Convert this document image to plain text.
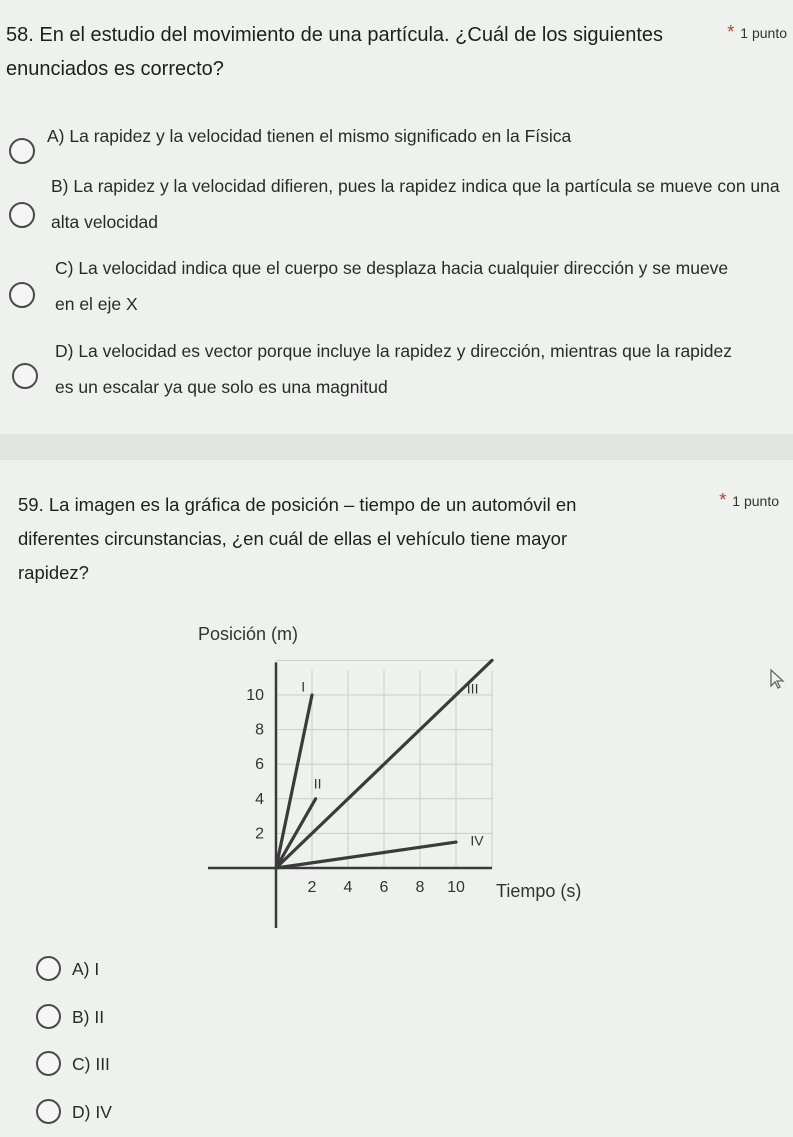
58. En el estudio del movimiento de una partícula. ¿Cuál de los siguientes enunciados es correcto?
* 1 punto
A) La rapidez y la velocidad tienen el mismo significado en la Física
B) La rapidez y la velocidad difieren, pues la rapidez indica que la partícula se mueve con una alta velocidad
C) La velocidad indica que el cuerpo se desplaza hacia cualquier dirección y se mueve en el eje X
D) La velocidad es vector porque incluye la rapidez y dirección, mientras que la rapidez es un escalar ya que solo es una magnitud
59. La imagen es la gráfica de posición – tiempo de un automóvil en diferentes circunstancias, ¿en cuál de ellas el vehículo tiene mayor rapidez?
* 1 punto
Posición (m)
Tiempo (s)
2 4 6 8 10
2
4
6
8
10
I
II
III
IV
A) I
B) II
C) III
D) IV
